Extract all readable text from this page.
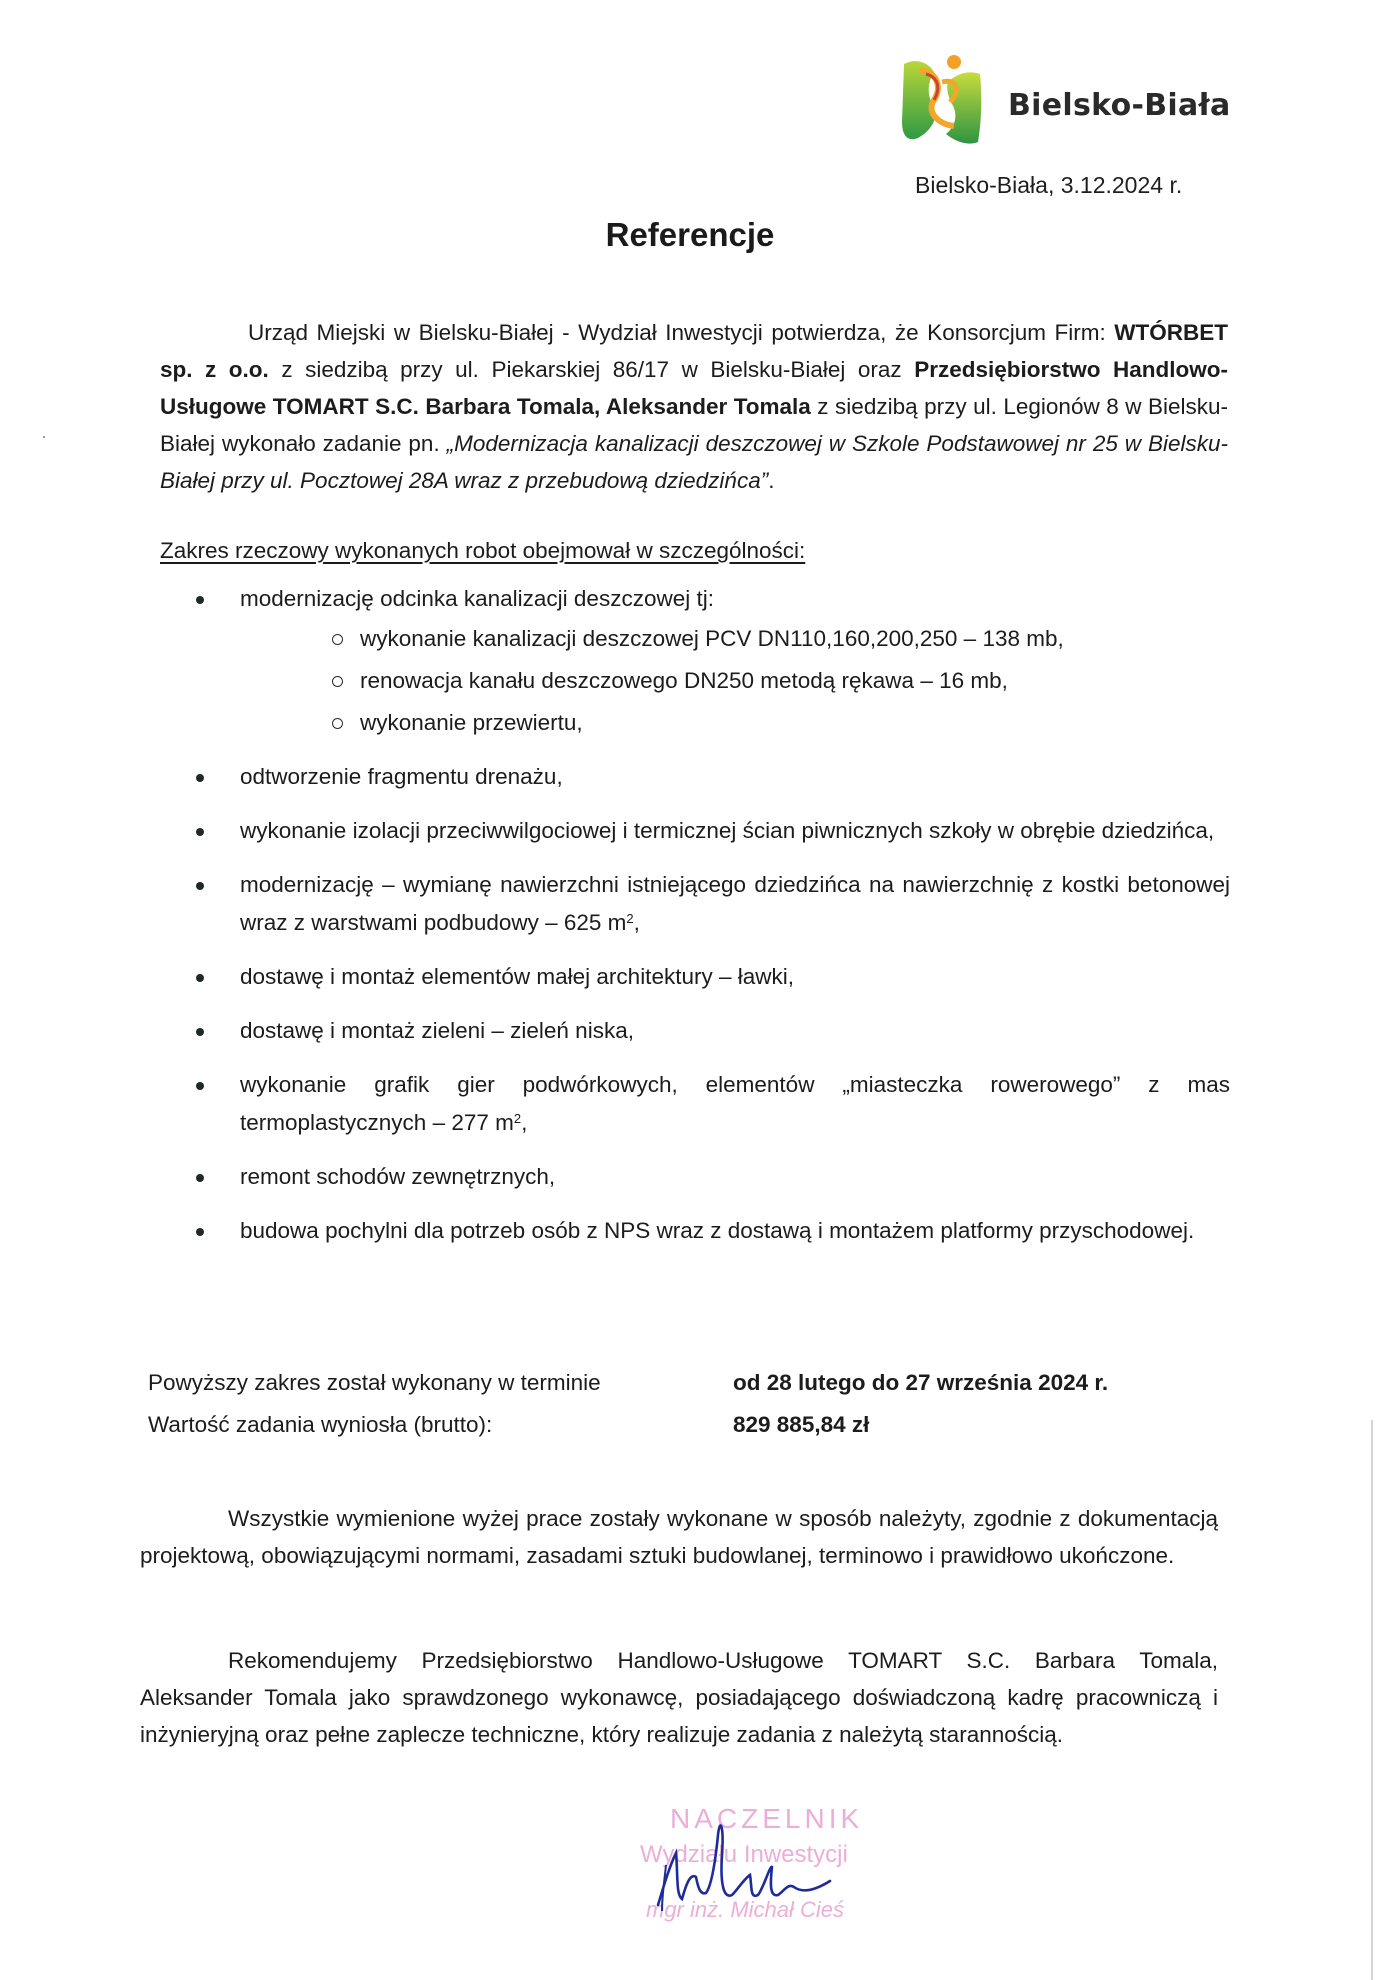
Bielsko-Biała
Bielsko-Biała, 3.12.2024 r.
Referencje
Urząd Miejski w Bielsku-Białej - Wydział Inwestycji potwierdza, że Konsorcjum Firm: WTÓRBET sp. z o.o. z siedzibą przy ul. Piekarskiej 86/17 w Bielsku-Białej oraz Przedsiębiorstwo Handlowo-Usługowe TOMART S.C. Barbara Tomala, Aleksander Tomala z siedzibą przy ul. Legionów 8 w Bielsku-Białej wykonało zadanie pn. „Modernizacja kanalizacji deszczowej w Szkole Podstawowej nr 25 w Bielsku-Białej przy ul. Pocztowej 28A wraz z przebudową dziedzińca”.
Zakres rzeczowy wykonanych robot obejmował w szczególności:
modernizację odcinka kanalizacji deszczowej tj:
wykonanie kanalizacji deszczowej PCV DN110,160,200,250 – 138 mb,
renowacja kanału deszczowego DN250 metodą rękawa – 16 mb,
wykonanie przewiertu,
odtworzenie fragmentu drenażu,
wykonanie izolacji przeciwwilgociowej i termicznej ścian piwnicznych szkoły w obrębie dziedzińca,
modernizację – wymianę nawierzchni istniejącego dziedzińca na nawierzchnię z kostki betonowej wraz z warstwami podbudowy – 625 $m^2$,
dostawę i montaż elementów małej architektury – ławki,
dostawę i montaż zieleni – zieleń niska,
wykonanie grafik gier podwórkowych, elementów „miasteczka rowerowego” z mas termoplastycznych – 277 $m^2$,
remont schodów zewnętrznych,
budowa pochylni dla potrzeb osób z NPS wraz z dostawą i montażem platformy przyschodowej.
Powyższy zakres został wykonany w terminie	od 28 lutego do 27 września 2024 r.
Wartość zadania wyniosła (brutto):	829 885,84 zł
Wszystkie wymienione wyżej prace zostały wykonane w sposób należyty, zgodnie z dokumentacją projektową, obowiązującymi normami, zasadami sztuki budowlanej, terminowo i prawidłowo ukończone.
Rekomendujemy Przedsiębiorstwo Handlowo-Usługowe TOMART S.C. Barbara Tomala, Aleksander Tomala jako sprawdzonego wykonawcę, posiadającego doświadczoną kadrę pracowniczą i inżynieryjną oraz pełne zaplecze techniczne, który realizuje zadania z należytą starannością.
NACZELNIK
Wydziału Inwestycji
mgr inż. Michał Cieś
